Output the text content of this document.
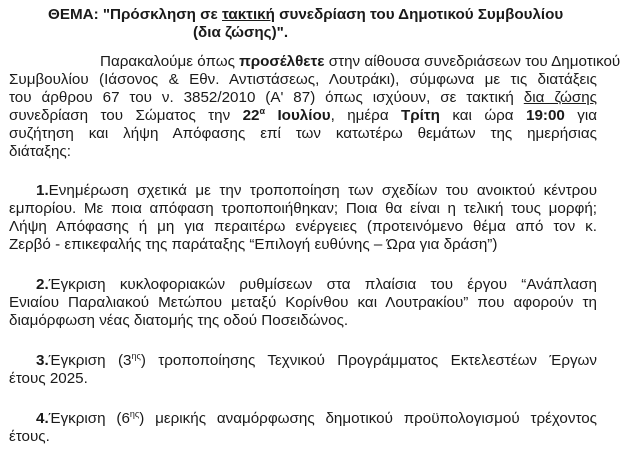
ΘΕΜΑ: "Πρόσκληση σε τακτική συνεδρίαση του Δημοτικού Συμβουλίου
(δια ζώσης)".
Παρακαλούμε όπως προσέλθετε στην αίθουσα συνεδριάσεων του Δημοτικού
Συμβουλίου (Ιάσονος & Εθν. Αντιστάσεως, Λουτράκι), σύμφωνα με τις διατάξεις
του άρθρου 67 του ν. 3852/2010 (Α' 87) όπως ισχύουν, σε τακτική δια ζώσης
συνεδρίαση του Σώματος την $22^\alpha$ Ιουλίου, ημέρα Τρίτη και ώρα 19:00 για
συζήτηση και λήψη Απόφασης επί των κατωτέρω θεμάτων της ημερήσιας
διάταξης:
1.Ενημέρωση σχετικά με την τροποποίηση των σχεδίων του ανοικτού κέντρου
εμπορίου. Με ποια απόφαση τροποποιήθηκαν; Ποια θα είναι η τελική τους μορφή;
Λήψη Απόφασης ή μη για περαιτέρω ενέργειες (προτεινόμενο θέμα από τον κ.
Ζερβό - επικεφαλής της παράταξης “Επιλογή ευθύνης – Ώρα για δράση”)
2.Έγκριση κυκλοφοριακών ρυθμίσεων στα πλαίσια του έργου “Ανάπλαση
Ενιαίου Παραλιακού Μετώπου μεταξύ Κορίνθου και Λουτρακίου” που αφορούν τη
διαμόρφωση νέας διατομής της οδού Ποσειδώνος.
3.Έγκριση $(3^{\eta\varsigma})$ τροποποίησης Τεχνικού Προγράμματος Εκτελεστέων Έργων
έτους 2025.
4.Έγκριση $(6^{\eta\varsigma})$ μερικής αναμόρφωσης δημοτικού προϋπολογισμού τρέχοντος
έτους.
